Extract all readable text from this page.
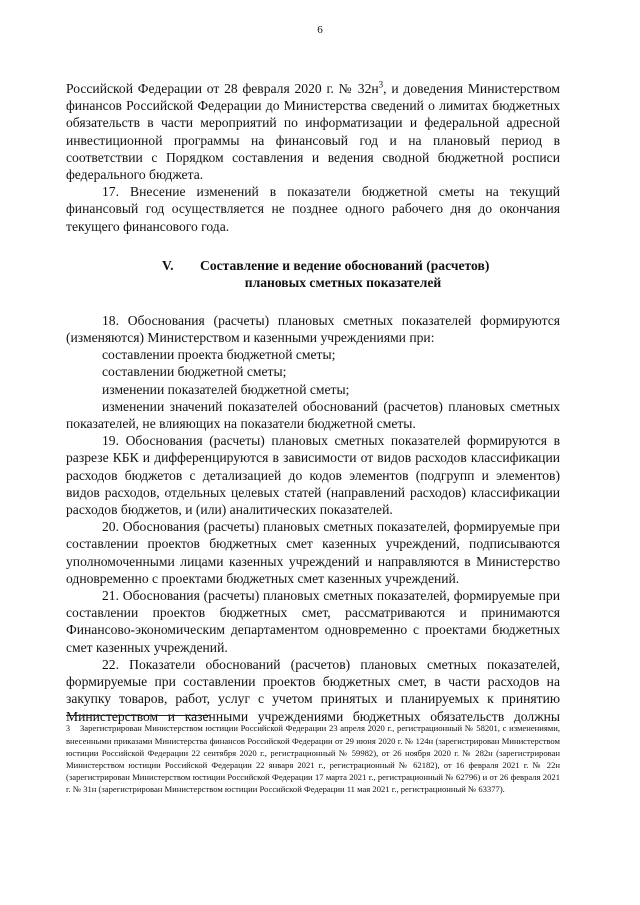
6

Российской Федерации от 28 февраля 2020 г. № $32н^3$, и доведения Министерством финансов Российской Федерации до Министерства сведений о лимитах бюджетных обязательств в части мероприятий по информатизации и федеральной адресной инвестиционной программы на финансовый год и на плановый период в соответствии с Порядком составления и ведения сводной бюджетной росписи федерального бюджета.

17. Внесение изменений в показатели бюджетной сметы на текущий финансовый год осуществляется не позднее одного рабочего дня до окончания текущего финансового года.

V.	Составление и ведение обоснований (расчетов)
плановых сметных показателей

18. Обоснования (расчеты) плановых сметных показателей формируются (изменяются) Министерством и казенными учреждениями при:

составлении проекта бюджетной сметы;

составлении бюджетной сметы;

изменении показателей бюджетной сметы;

изменении значений показателей обоснований (расчетов) плановых сметных показателей, не влияющих на показатели бюджетной сметы.

19. Обоснования (расчеты) плановых сметных показателей формируются в разрезе КБК и дифференцируются в зависимости от видов расходов классификации расходов бюджетов с детализацией до кодов элементов (подгрупп и элементов) видов расходов, отдельных целевых статей (направлений расходов) классификации расходов бюджетов, и (или) аналитических показателей.

20. Обоснования (расчеты) плановых сметных показателей, формируемые при составлении проектов бюджетных смет казенных учреждений, подписываются уполномоченными лицами казенных учреждений и направляются в Министерство одновременно с проектами бюджетных смет казенных учреждений.

21. Обоснования (расчеты) плановых сметных показателей, формируемые при составлении проектов бюджетных смет, рассматриваются и принимаются Финансово-экономическим департаментом одновременно с проектами бюджетных смет казенных учреждений.

22. Показатели обоснований (расчетов) плановых сметных показателей, формируемые при составлении проектов бюджетных смет, в части расходов на закупку товаров, работ, услуг с учетом принятых и планируемых к принятию Министерством и казенными учреждениями бюджетных обязательств должны

3 Зарегистрирован Министерством юстиции Российской Федерации 23 апреля 2020 г., регистрационный № 58201, с изменениями, внесенными приказами Министерства финансов Российской Федерации от 29 июня 2020 г. № 124н (зарегистрирован Министерством юстиции Российской Федерации 22 сентября 2020 г., регистрационный № 59982), от 26 ноября 2020 г. № 282н (зарегистрирован Министерством юстиции Российской Федерации 22 января 2021 г., регистрационный № 62182), от 16 февраля 2021 г. № 22н (зарегистрирован Министерством юстиции Российской Федерации 17 марта 2021 г., регистрационный № 62796) и от 26 февраля 2021 г. № 31н (зарегистрирован Министерством юстиции Российской Федерации 11 мая 2021 г., регистрационный № 63377).
